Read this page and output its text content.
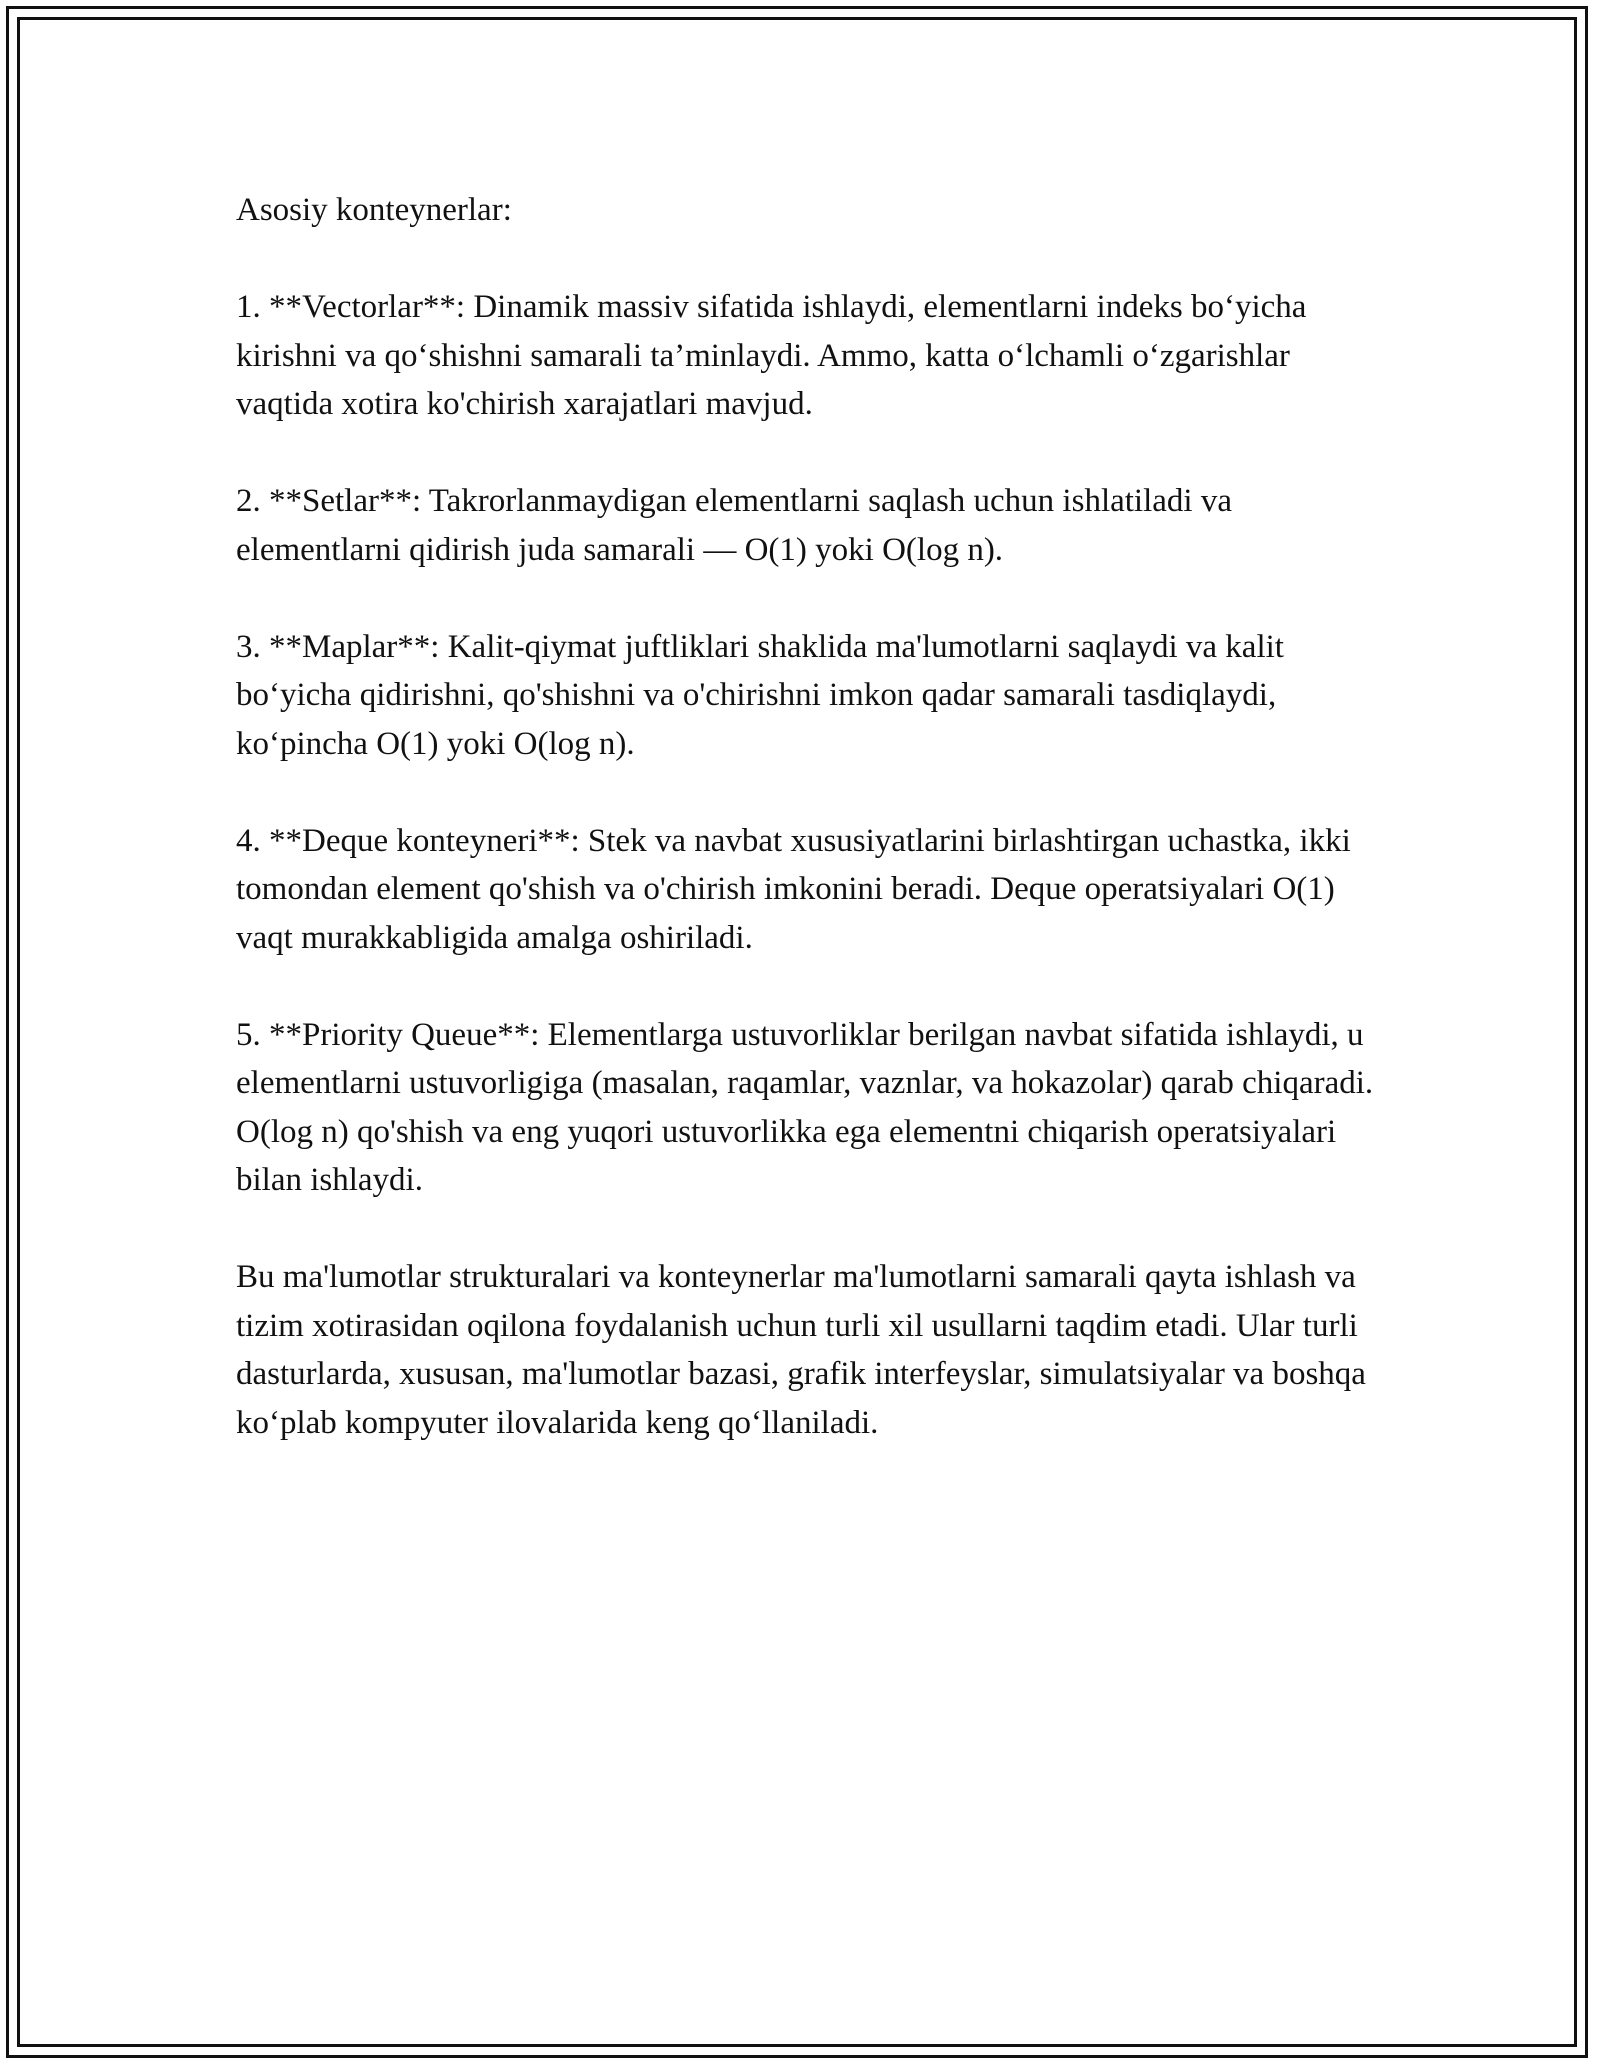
Asosiy konteynerlar:

1. **Vectorlar**: Dinamik massiv sifatida ishlaydi, elementlarni indeks bo‘yicha kirishni va qo‘shishni samarali ta’minlaydi. Ammo, katta o‘lchamli o‘zgarishlar vaqtida xotira ko'chirish xarajatlari mavjud.

2. **Setlar**: Takrorlanmaydigan elementlarni saqlash uchun ishlatiladi va elementlarni qidirish juda samarali — O(1) yoki O(log n).

3. **Maplar**: Kalit-qiymat juftliklari shaklida ma'lumotlarni saqlaydi va kalit bo‘yicha qidirishni, qo'shishni va o'chirishni imkon qadar samarali tasdiqlaydi, ko‘pincha O(1) yoki O(log n).

4. **Deque konteyneri**: Stek va navbat xususiyatlarini birlashtirgan uchastka, ikki tomondan element qo'shish va o'chirish imkonini beradi. Deque operatsiyalari O(1) vaqt murakkabligida amalga oshiriladi.

5. **Priority Queue**: Elementlarga ustuvorliklar berilgan navbat sifatida ishlaydi, u elementlarni ustuvorligiga (masalan, raqamlar, vaznlar, va hokazolar) qarab chiqaradi. O(log n) qo'shish va eng yuqori ustuvorlikka ega elementni chiqarish operatsiyalari bilan ishlaydi.

Bu ma'lumotlar strukturalari va konteynerlar ma'lumotlarni samarali qayta ishlash va tizim xotirasidan oqilona foydalanish uchun turli xil usullarni taqdim etadi. Ular turli dasturlarda, xususan, ma'lumotlar bazasi, grafik interfeyslar, simulatsiyalar va boshqa ko‘plab kompyuter ilovalarida keng qo‘llaniladi.
